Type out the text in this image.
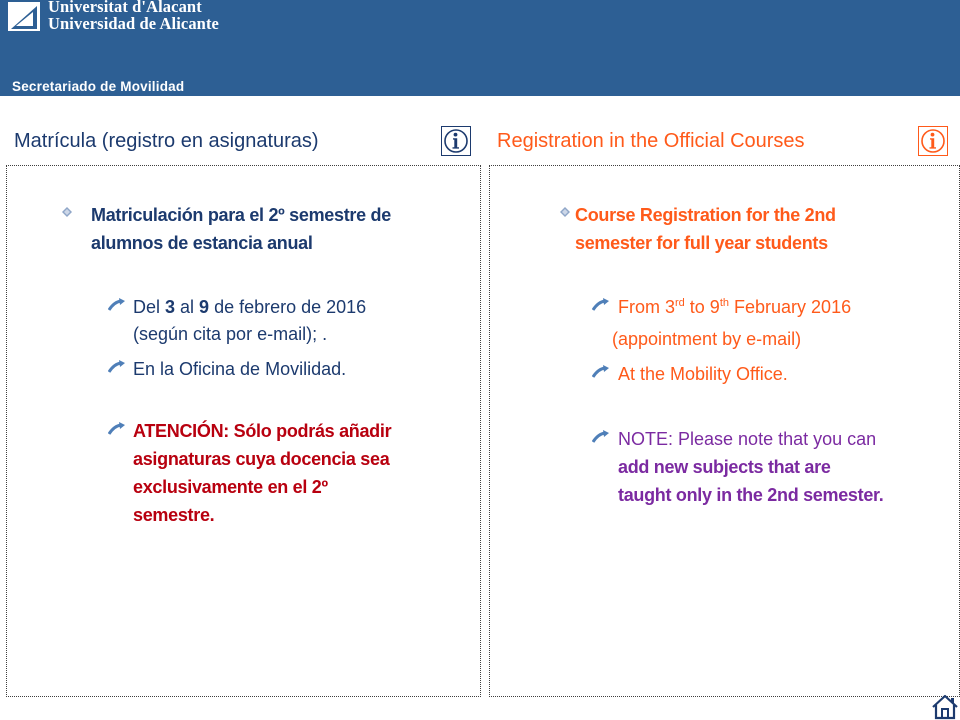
Universitat d'Alacant
Universidad de Alicante
Secretariado de Movilidad
Matrícula (registro en asignaturas)	Registration in the Official Courses
Matriculación para el 2º semestre de
alumnos de estancia anual
Del 3 al 9 de febrero de 2016
(según cita por e-mail); .
En la Oficina de Movilidad.
ATENCIÓN: Sólo podrás añadir
asignaturas cuya docencia sea
exclusivamente en el 2º
semestre.
Course Registration for the 2nd
semester for full year students
From 3rd to 9th February 2016
(appointment by e-mail)
At the Mobility Office.
NOTE: Please note that you can
add new subjects that are
taught only in the 2nd semester.
